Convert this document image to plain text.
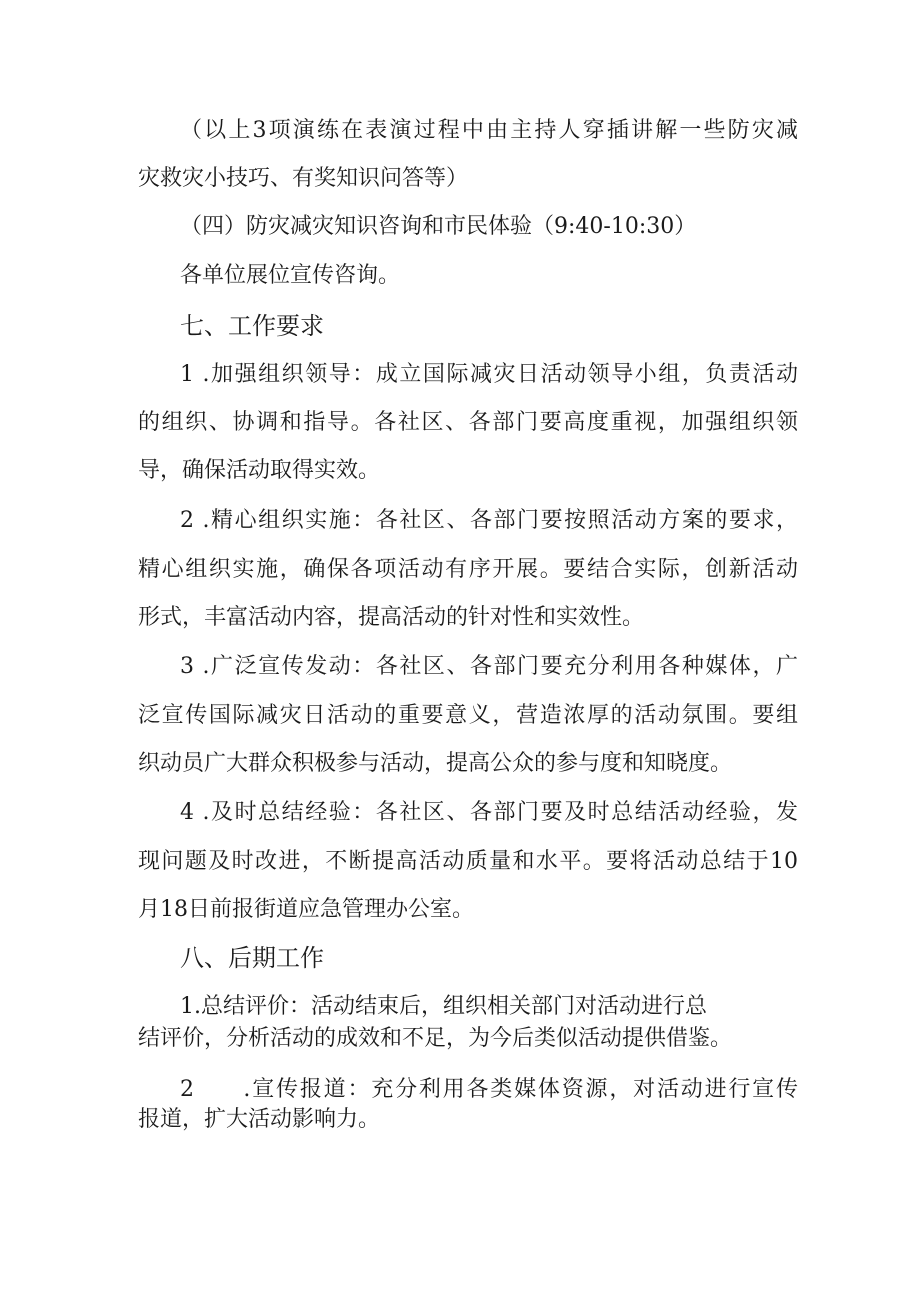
（以上3项演练在表演过程中由主持人穿插讲解一些防灾减
灾救灾小技巧、有奖知识问答等）
（四）防灾减灾知识咨询和市民体验（9:40-10:30）
各单位展位宣传咨询。
七、工作要求
1 .加强组织领导：成立国际减灾日活动领导小组，负责活动
的组织、协调和指导。各社区、各部门要高度重视，加强组织领
导，确保活动取得实效。
2 .精心组织实施：各社区、各部门要按照活动方案的要求，
精心组织实施，确保各项活动有序开展。要结合实际，创新活动
形式，丰富活动内容，提高活动的针对性和实效性。
3 .广泛宣传发动：各社区、各部门要充分利用各种媒体，广
泛宣传国际减灾日活动的重要意义，营造浓厚的活动氛围。要组
织动员广大群众积极参与活动，提高公众的参与度和知晓度。
4 .及时总结经验：各社区、各部门要及时总结活动经验，发
现问题及时改进，不断提高活动质量和水平。要将活动总结于10
月18日前报街道应急管理办公室。
八、后期工作
1.总结评价：活动结束后，组织相关部门对活动进行总
结评价，分析活动的成效和不足，为今后类似活动提供借鉴。
2　　.宣传报道：充分利用各类媒体资源，对活动进行宣传
报道，扩大活动影响力。
